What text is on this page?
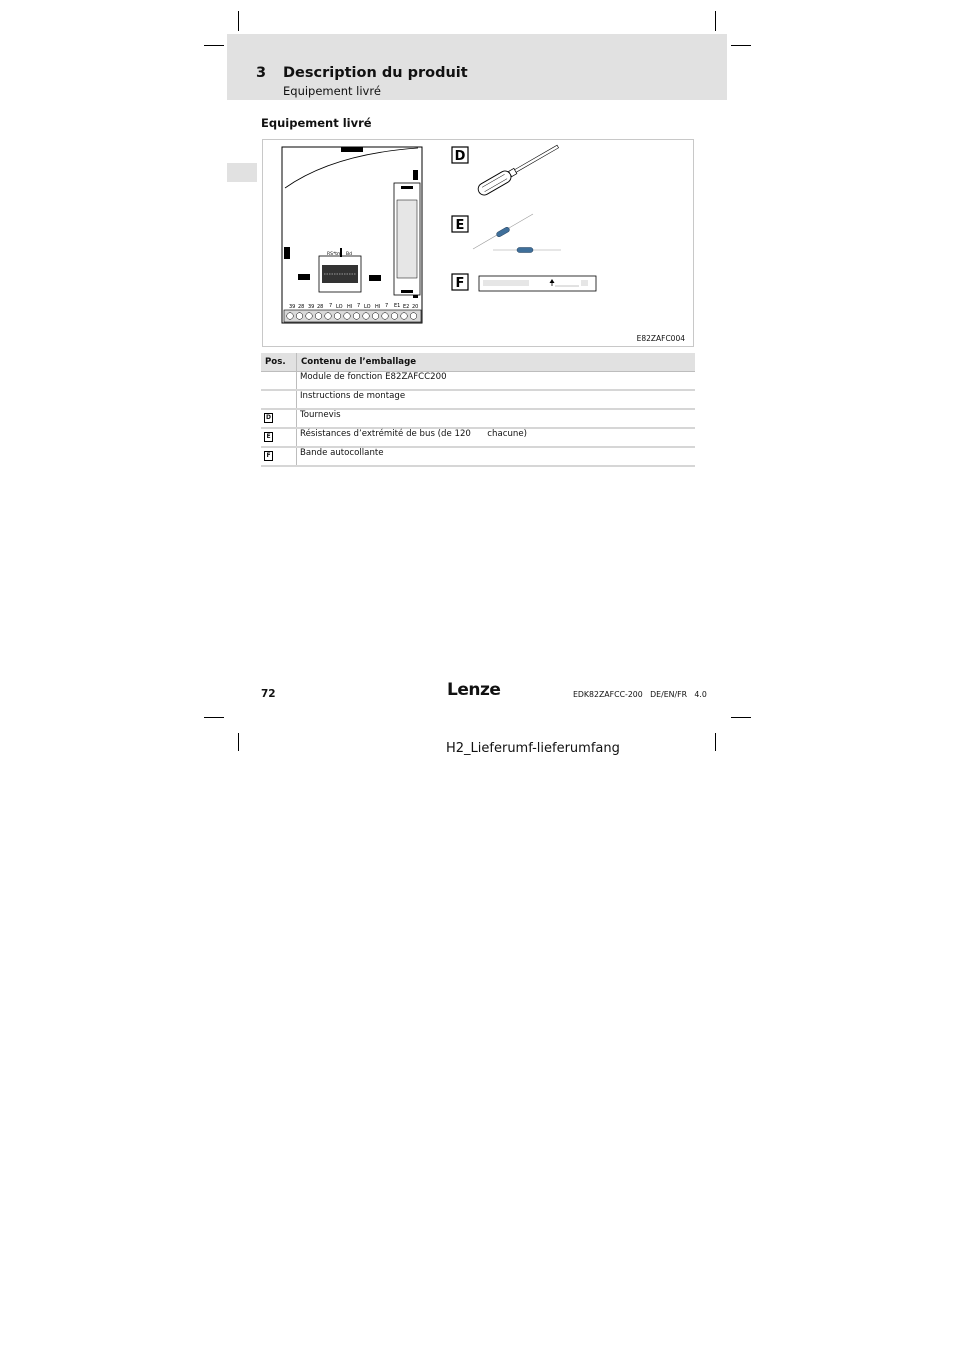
3 Description du produit
Equipement livré
Equipement livré
RS*tm Bd
39 28 39 28 7 LO HI 7 LO HI 7 E1 E2 20
D
E
F
E82ZAFC004
Pos.	Contenu de l’emballage
	Module de fonction E82ZAFCC200
	Instructions de montage
D	Tournevis
E	Résistances d’extrémité de bus (de 120      chacune)
F	Bande autocollante
72	Lenze	EDK82ZAFCC-200   DE/EN/FR   4.0
H2_Lieferumf-lieferumfang
